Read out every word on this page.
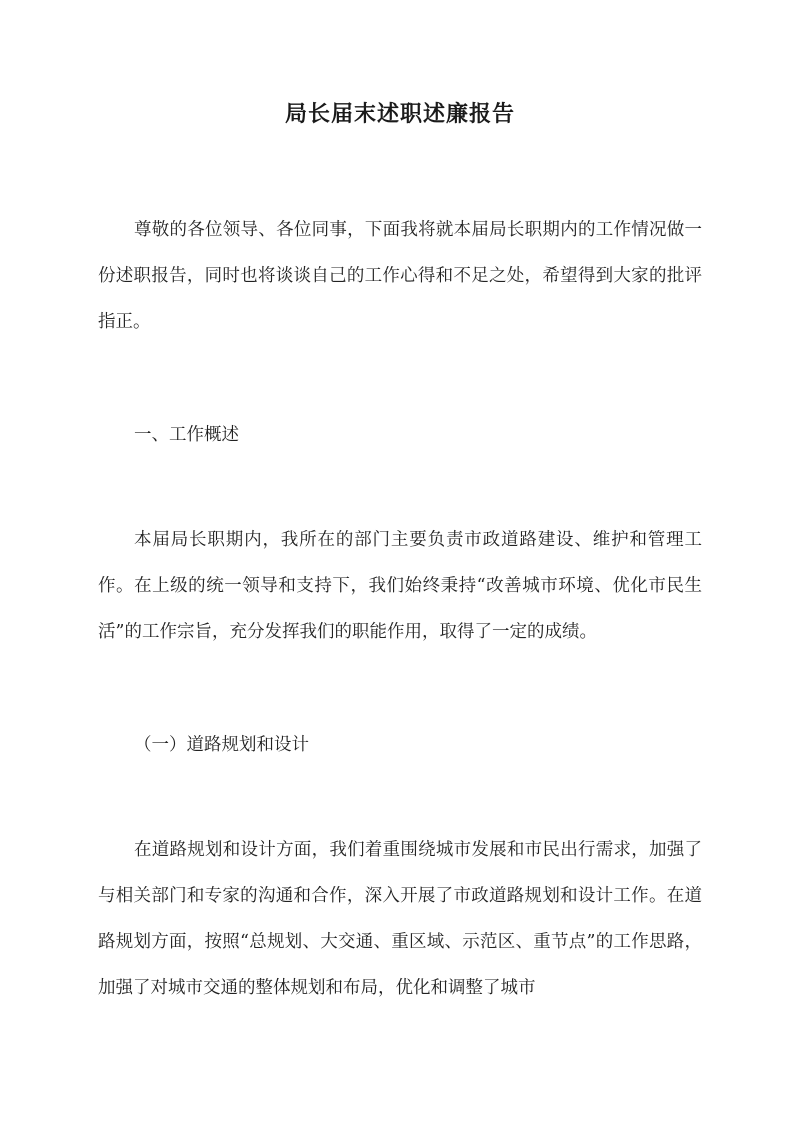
局长届末述职述廉报告

尊敬的各位领导、各位同事，下面我将就本届局长职期内的工作情况做一份述职报告，同时也将谈谈自己的工作心得和不足之处，希望得到大家的批评指正。

一、工作概述

本届局长职期内，我所在的部门主要负责市政道路建设、维护和管理工作。在上级的统一领导和支持下，我们始终秉持“改善城市环境、优化市民生活”的工作宗旨，充分发挥我们的职能作用，取得了一定的成绩。

（一）道路规划和设计

在道路规划和设计方面，我们着重围绕城市发展和市民出行需求，加强了与相关部门和专家的沟通和合作，深入开展了市政道路规划和设计工作。在道路规划方面，按照“总规划、大交通、重区域、示范区、重节点”的工作思路，加强了对城市交通的整体规划和布局，优化和调整了城市
